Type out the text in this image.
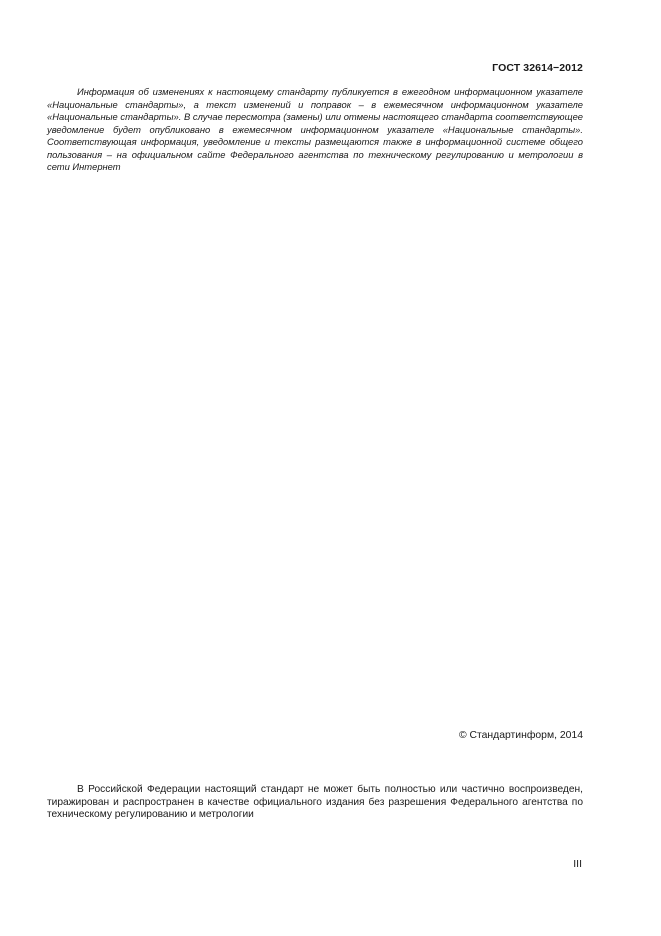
ГОСТ 32614−2012

Информация об изменениях к настоящему стандарту публикуется в ежегодном информационном указателе «Национальные стандарты», а текст изменений и поправок – в ежемесячном информационном указателе «Национальные стандарты». В случае пересмотра (замены) или отмены настоящего стандарта соответствующее уведомление будет опубликовано в ежемесячном информационном указателе «Национальные стандарты». Соответствующая информация, уведомление и тексты размещаются также в информационной системе общего пользования – на официальном сайте Федерального агентства по техническому регулированию и метрологии в сети Интернет

© Стандартинформ, 2014

В Российской Федерации настоящий стандарт не может быть полностью или частично воспроизведен, тиражирован и распространен в качестве официального издания без разрешения Федерального агентства по техническому регулированию и метрологии

III
